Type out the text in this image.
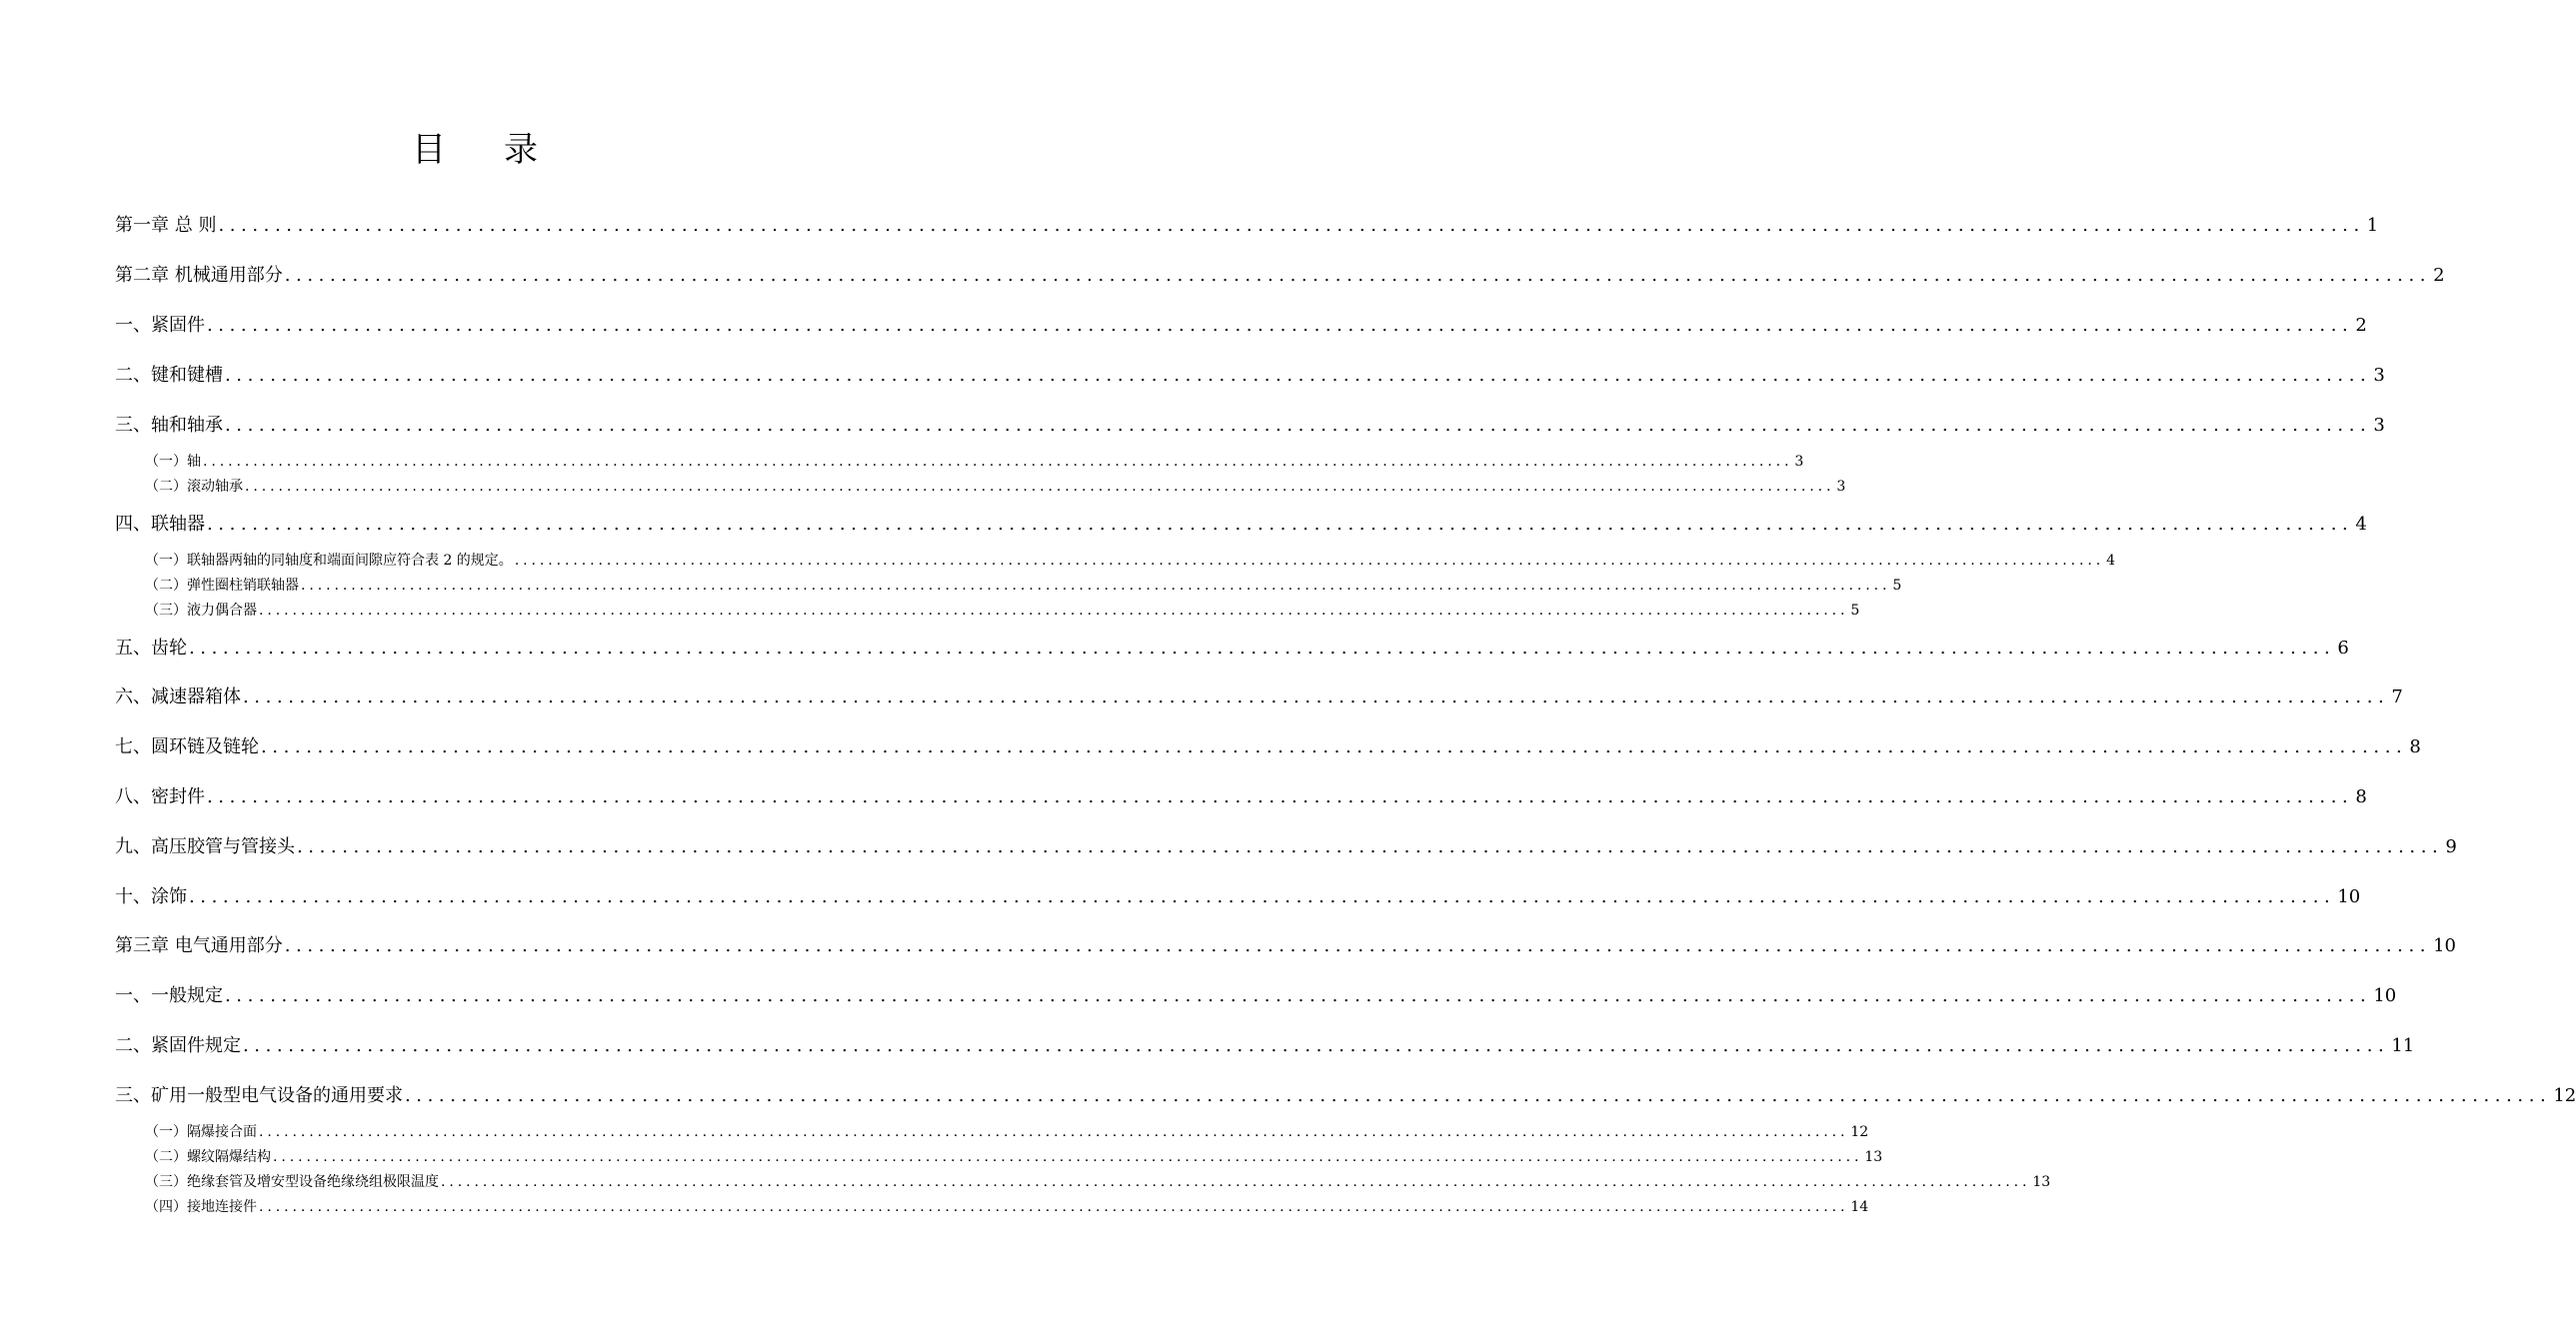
目 录
第一章 总 则 .............................................................................................................................................................................................. 1
第二章 机械通用部分 .............................................................................................................................................................................................. 2
一、紧固件 .............................................................................................................................................................................................. 2
二、键和键槽 .............................................................................................................................................................................................. 3
三、轴和轴承 .............................................................................................................................................................................................. 3
（一）轴 .............................................................................................................................................................................................. 3
（二）滚动轴承 .............................................................................................................................................................................................. 3
四、联轴器 .............................................................................................................................................................................................. 4
（一）联轴器两轴的同轴度和端面间隙应符合表 2 的规定。 .............................................................................................................................................................................................. 4
（二）弹性圈柱销联轴器 .............................................................................................................................................................................................. 5
（三）液力偶合器 .............................................................................................................................................................................................. 5
五、齿轮 .............................................................................................................................................................................................. 6
六、减速器箱体 .............................................................................................................................................................................................. 7
七、圆环链及链轮 .............................................................................................................................................................................................. 8
八、密封件 .............................................................................................................................................................................................. 8
九、高压胶管与管接头 .............................................................................................................................................................................................. 9
十、涂饰 .............................................................................................................................................................................................. 10
第三章 电气通用部分 .............................................................................................................................................................................................. 10
一、一般规定 .............................................................................................................................................................................................. 10
二、紧固件规定 .............................................................................................................................................................................................. 11
三、矿用一般型电气设备的通用要求 .............................................................................................................................................................................................. 12
（一）隔爆接合面 .............................................................................................................................................................................................. 12
（二）螺纹隔爆结构 .............................................................................................................................................................................................. 13
（三）绝缘套管及增安型设备绝缘绕组极限温度 .............................................................................................................................................................................................. 13
（四）接地连接件 .............................................................................................................................................................................................. 14
